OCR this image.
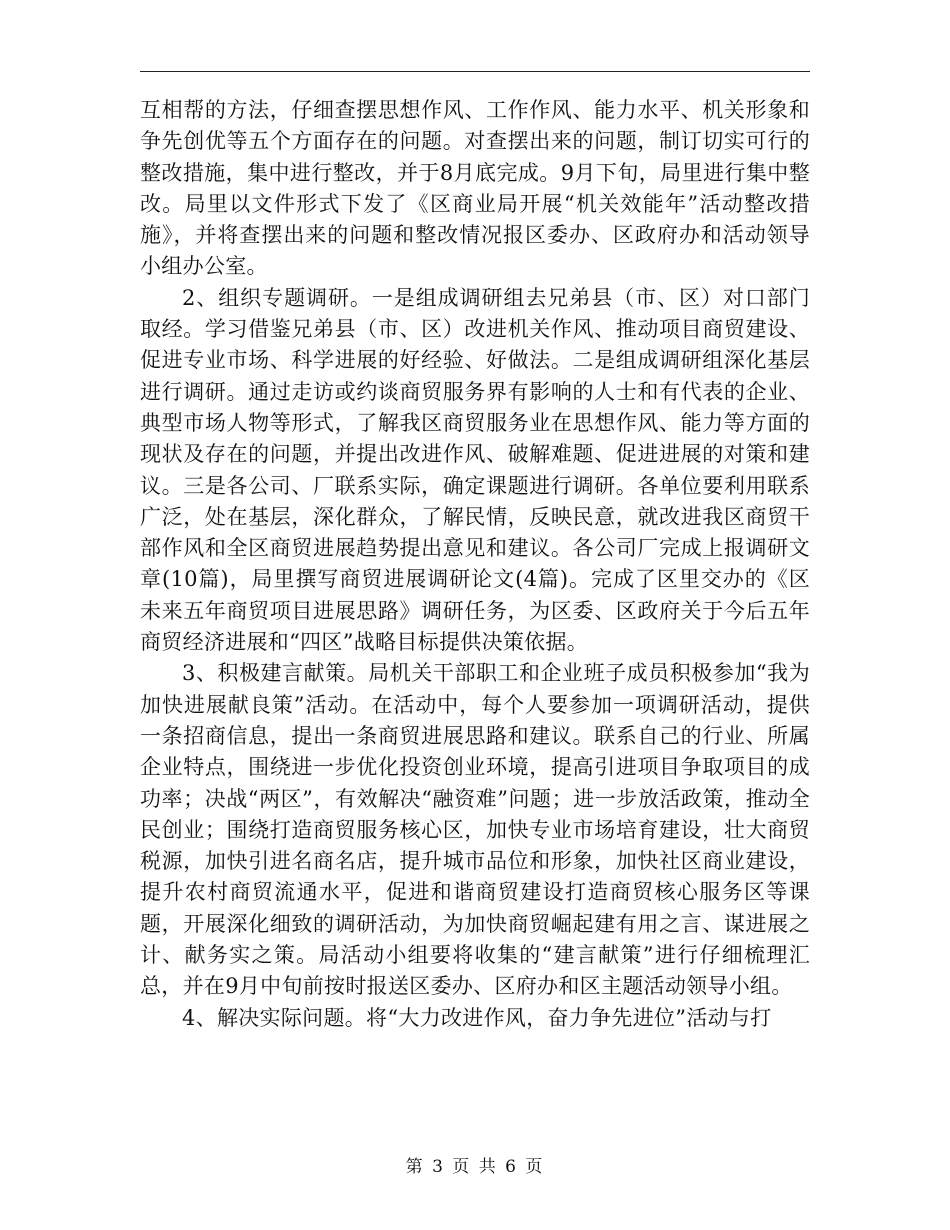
互相帮的方法，仔细查摆思想作风、工作作风、能力水平、机关形象和争先创优等五个方面存在的问题。对查摆出来的问题，制订切实可行的整改措施，集中进行整改，并于8月底完成。9月下旬，局里进行集中整改。局里以文件形式下发了《区商业局开展“机关效能年”活动整改措施》，并将查摆出来的问题和整改情况报区委办、区政府办和活动领导小组办公室。

2、组织专题调研。一是组成调研组去兄弟县（市、区）对口部门取经。学习借鉴兄弟县（市、区）改进机关作风、推动项目商贸建设、促进专业市场、科学进展的好经验、好做法。二是组成调研组深化基层进行调研。通过走访或约谈商贸服务界有影响的人士和有代表的企业、典型市场人物等形式，了解我区商贸服务业在思想作风、能力等方面的现状及存在的问题，并提出改进作风、破解难题、促进进展的对策和建议。三是各公司、厂联系实际，确定课题进行调研。各单位要利用联系广泛，处在基层，深化群众，了解民情，反映民意，就改进我区商贸干部作风和全区商贸进展趋势提出意见和建议。各公司厂完成上报调研文章(10篇)，局里撰写商贸进展调研论文(4篇)。完成了区里交办的《区未来五年商贸项目进展思路》调研任务，为区委、区政府关于今后五年商贸经济进展和“四区”战略目标提供决策依据。

3、积极建言献策。局机关干部职工和企业班子成员积极参加“我为加快进展献良策”活动。在活动中，每个人要参加一项调研活动，提供一条招商信息，提出一条商贸进展思路和建议。联系自己的行业、所属企业特点，围绕进一步优化投资创业环境，提高引进项目争取项目的成功率；决战“两区”，有效解决“融资难”问题；进一步放活政策，推动全民创业；围绕打造商贸服务核心区，加快专业市场培育建设，壮大商贸税源，加快引进名商名店，提升城市品位和形象，加快社区商业建设，提升农村商贸流通水平，促进和谐商贸建设打造商贸核心服务区等课题，开展深化细致的调研活动，为加快商贸崛起建有用之言、谋进展之计、献务实之策。局活动小组要将收集的“建言献策”进行仔细梳理汇总，并在9月中旬前按时报送区委办、区府办和区主题活动领导小组。

4、解决实际问题。将“大力改进作风，奋力争先进位”活动与打

第 3 页 共 6 页
